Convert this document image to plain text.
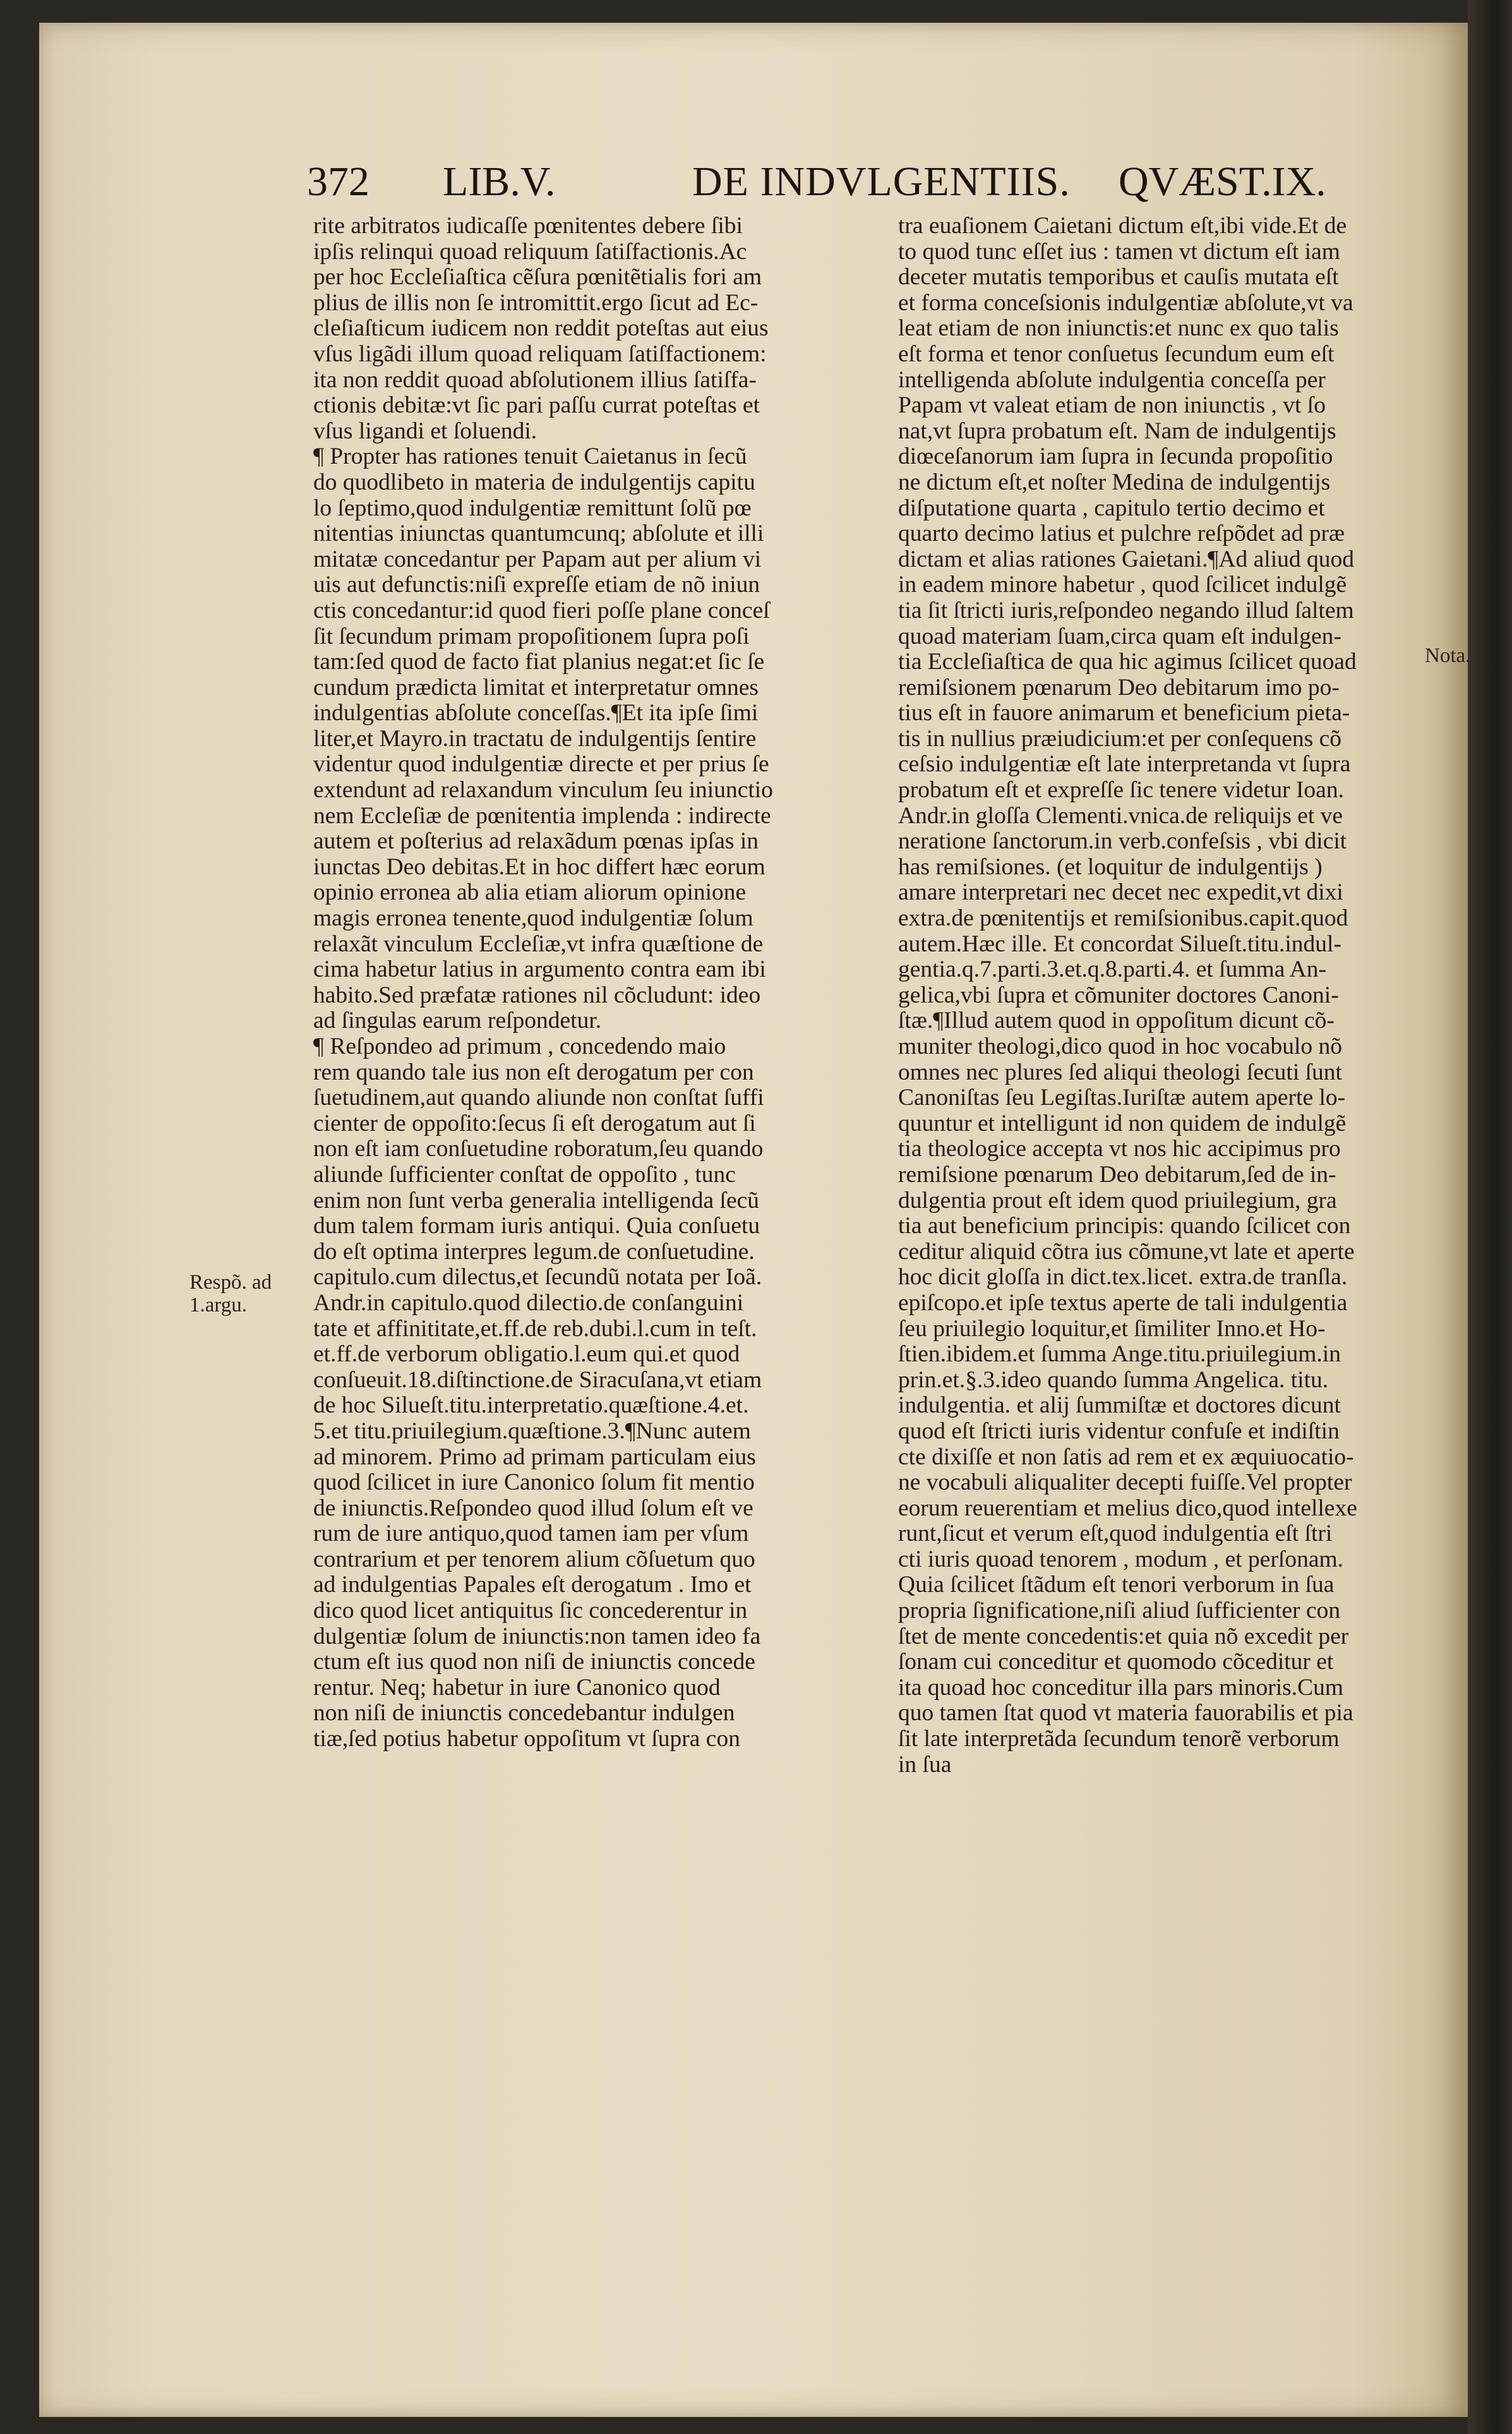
372 LIB.V.	DE INDVLGENTIIS. QVÆST.IX.
Respõ. ad
1.argu.
Nota.
rite arbitratos iudicaſſe pœnitentes debere ſibi
ipſis relinqui quoad reliquum ſatiſfactionis.Ac
per hoc Eccleſiaſtica cẽſura pœnitẽtialis fori am
plius de illis non ſe intromittit.ergo ſicut ad Ec-
cleſiaſticum iudicem non reddit poteſtas aut eius
vſus ligãdi illum quoad reliquam ſatiſfactionem:
ita non reddit quoad abſolutionem illius ſatiſfa-
ctionis debitæ:vt ſic pari paſſu currat poteſtas et
vſus ligandi et ſoluendi.
¶ Propter has rationes tenuit Caietanus in ſecũ
do quodlibeto in materia de indulgentijs capitu
lo ſeptimo,quod indulgentiæ remittunt ſolũ pœ
nitentias iniunctas quantumcunq; abſolute et illi
mitatæ concedantur per Papam aut per alium vi
uis aut defunctis:niſi expreſſe etiam de nõ iniun
ctis concedantur:id quod fieri poſſe plane conceſ
ſit ſecundum primam propoſitionem ſupra poſi
tam:ſed quod de facto fiat planius negat:et ſic ſe
cundum prædicta limitat et interpretatur omnes
indulgentias abſolute conceſſas.¶Et ita ipſe ſimi
liter,et Mayro.in tractatu de indulgentijs ſentire
videntur quod indulgentiæ directe et per prius ſe
extendunt ad relaxandum vinculum ſeu iniunctio
nem Eccleſiæ de pœnitentia implenda : indirecte
autem et poſterius ad relaxãdum pœnas ipſas in
iunctas Deo debitas.Et in hoc differt hæc eorum
opinio erronea ab alia etiam aliorum opinione
magis erronea tenente,quod indulgentiæ ſolum
relaxãt vinculum Eccleſiæ,vt infra quæſtione de
cima habetur latius in argumento contra eam ibi
habito.Sed præfatæ rationes nil cõcludunt: ideo
ad ſingulas earum reſpondetur.
¶ Reſpondeo ad primum , concedendo maio
rem quando tale ius non eſt derogatum per con
ſuetudinem,aut quando aliunde non conſtat ſuffi
cienter de oppoſito:ſecus ſi eſt derogatum aut ſi
non eſt iam conſuetudine roboratum,ſeu quando
aliunde ſufficienter conſtat de oppoſito , tunc
enim non ſunt verba generalia intelligenda ſecũ
dum talem formam iuris antiqui. Quia conſuetu
do eſt optima interpres legum.de conſuetudine.
capitulo.cum dilectus,et ſecundũ notata per Ioã.
Andr.in capitulo.quod dilectio.de conſanguini
tate et affinititate,et.ff.de reb.dubi.l.cum in teſt.
et.ff.de verborum obligatio.l.eum qui.et quod
conſueuit.18.diſtinctione.de Siracuſana,vt etiam
de hoc Silueſt.titu.interpretatio.quæſtione.4.et.
5.et titu.priuilegium.quæſtione.3.¶Nunc autem
ad minorem. Primo ad primam particulam eius
quod ſcilicet in iure Canonico ſolum fit mentio
de iniunctis.Reſpondeo quod illud ſolum eſt ve
rum de iure antiquo,quod tamen iam per vſum
contrarium et per tenorem alium cõſuetum quo
ad indulgentias Papales eſt derogatum . Imo et
dico quod licet antiquitus ſic concederentur in
dulgentiæ ſolum de iniunctis:non tamen ideo fa
ctum eſt ius quod non niſi de iniunctis concede
rentur. Neq; habetur in iure Canonico quod
non niſi de iniunctis concedebantur indulgen
tiæ,ſed potius habetur oppoſitum vt ſupra con
tra euaſionem Caietani dictum eſt,ibi vide.Et de
to quod tunc eſſet ius : tamen vt dictum eſt iam
deceter mutatis temporibus et cauſis mutata eſt
et forma conceſsionis indulgentiæ abſolute,vt va
leat etiam de non iniunctis:et nunc ex quo talis
eſt forma et tenor conſuetus ſecundum eum eſt
intelligenda abſolute indulgentia conceſſa per
Papam vt valeat etiam de non iniunctis , vt ſo
nat,vt ſupra probatum eſt. Nam de indulgentijs
diœceſanorum iam ſupra in ſecunda propoſitio
ne dictum eſt,et noſter Medina de indulgentijs
diſputatione quarta , capitulo tertio decimo et
quarto decimo latius et pulchre reſpõdet ad præ
dictam et alias rationes Gaietani.¶Ad aliud quod
in eadem minore habetur , quod ſcilicet indulgẽ
tia ſit ſtricti iuris,reſpondeo negando illud ſaltem
quoad materiam ſuam,circa quam eſt indulgen-
tia Eccleſiaſtica de qua hic agimus ſcilicet quoad
remiſsionem pœnarum Deo debitarum imo po-
tius eſt in fauore animarum et beneficium pieta-
tis in nullius præiudicium:et per conſequens cõ
ceſsio indulgentiæ eſt late interpretanda vt ſupra
probatum eſt et expreſſe ſic tenere videtur Ioan.
Andr.in gloſſa Clementi.vnica.de reliquijs et ve
neratione ſanctorum.in verb.confeſsis , vbi dicit
has remiſsiones. (et loquitur de indulgentijs )
amare interpretari nec decet nec expedit,vt dixi
extra.de pœnitentijs et remiſsionibus.capit.quod
autem.Hæc ille. Et concordat Silueſt.titu.indul-
gentia.q.7.parti.3.et.q.8.parti.4. et ſumma An-
gelica,vbi ſupra et cõmuniter doctores Canoni-
ſtæ.¶Illud autem quod in oppoſitum dicunt cõ-
muniter theologi,dico quod in hoc vocabulo nõ
omnes nec plures ſed aliqui theologi ſecuti ſunt
Canoniſtas ſeu Legiſtas.Iuriſtæ autem aperte lo-
quuntur et intelligunt id non quidem de indulgẽ
tia theologice accepta vt nos hic accipimus pro
remiſsione pœnarum Deo debitarum,ſed de in-
dulgentia prout eſt idem quod priuilegium, gra
tia aut beneficium principis: quando ſcilicet con
ceditur aliquid cõtra ius cõmune,vt late et aperte
hoc dicit gloſſa in dict.tex.licet. extra.de tranſla.
epiſcopo.et ipſe textus aperte de tali indulgentia
ſeu priuilegio loquitur,et ſimiliter Inno.et Ho-
ſtien.ibidem.et ſumma Ange.titu.priuilegium.in
prin.et.§.3.ideo quando ſumma Angelica. titu.
indulgentia. et alij ſummiſtæ et doctores dicunt
quod eſt ſtricti iuris videntur confuſe et indiſtin
cte dixiſſe et non ſatis ad rem et ex æquiuocatio-
ne vocabuli aliqualiter decepti fuiſſe.Vel propter
eorum reuerentiam et melius dico,quod intellexe
runt,ſicut et verum eſt,quod indulgentia eſt ſtri
cti iuris quoad tenorem , modum , et perſonam.
Quia ſcilicet ſtãdum eſt tenori verborum in ſua
propria ſignificatione,niſi aliud ſufficienter con
ſtet de mente concedentis:et quia nõ excedit per
ſonam cui conceditur et quomodo cõceditur et
ita quoad hoc conceditur illa pars minoris.Cum
quo tamen ſtat quod vt materia fauorabilis et pia
ſit late interpretãda ſecundum tenorẽ verborum
in ſua
